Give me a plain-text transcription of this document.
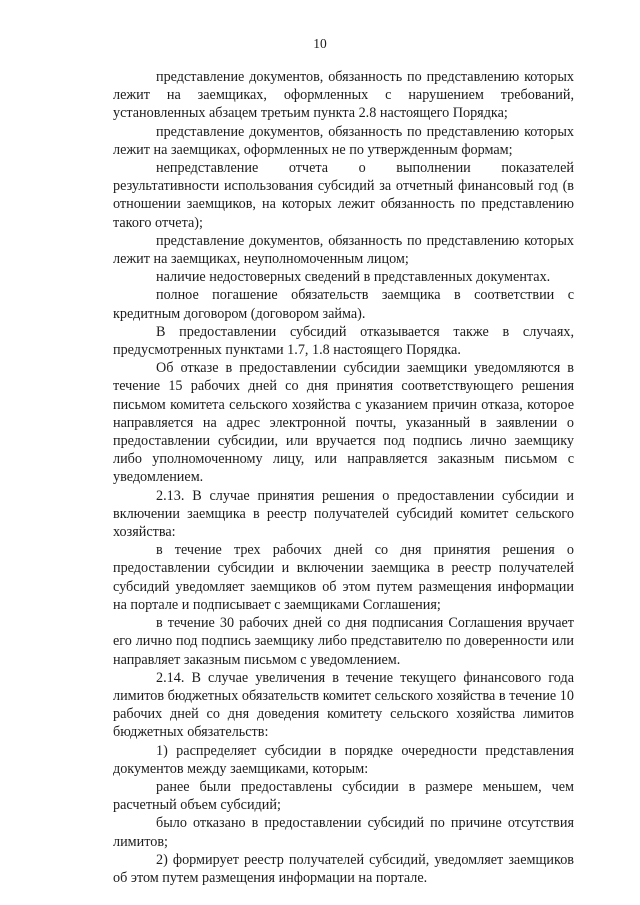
10

представление документов, обязанность по представлению которых лежит на заемщиках, оформленных с нарушением требований, установленных абзацем третьим пункта 2.8 настоящего Порядка;

представление документов, обязанность по представлению которых лежит на заемщиках, оформленных не по утвержденным формам;

непредставление отчета о выполнении показателей результативности использования субсидий за отчетный финансовый год (в отношении заемщиков, на которых лежит обязанность по представлению такого отчета);

представление документов, обязанность по представлению которых лежит на заемщиках, неуполномоченным лицом;

наличие недостоверных сведений в представленных документах.

полное погашение обязательств заемщика в соответствии с кредитным договором (договором займа).

В предоставлении субсидий отказывается также в случаях, предусмотренных пунктами 1.7, 1.8 настоящего Порядка.

Об отказе в предоставлении субсидии заемщики уведомляются в течение 15 рабочих дней со дня принятия соответствующего решения письмом комитета сельского хозяйства с указанием причин отказа, которое направляется на адрес электронной почты, указанный в заявлении о предоставлении субсидии, или вручается под подпись лично заемщику либо уполномоченному лицу, или направляется заказным письмом с уведомлением.

2.13. В случае принятия решения о предоставлении субсидии и включении заемщика в реестр получателей субсидий комитет сельского хозяйства:

в течение трех рабочих дней со дня принятия решения о предоставлении субсидии и включении заемщика в реестр получателей субсидий уведомляет заемщиков об этом путем размещения информации на портале и подписывает с заемщиками Соглашения;

в течение 30 рабочих дней со дня подписания Соглашения вручает его лично под подпись заемщику либо представителю по доверенности или направляет заказным письмом с уведомлением.

2.14. В случае увеличения в течение текущего финансового года лимитов бюджетных обязательств комитет сельского хозяйства в течение 10 рабочих дней со дня доведения комитету сельского хозяйства лимитов бюджетных обязательств:

1) распределяет субсидии в порядке очередности представления документов между заемщиками, которым:

ранее были предоставлены субсидии в размере меньшем, чем расчетный объем субсидий;

было отказано в предоставлении субсидий по причине отсутствия лимитов;

2) формирует реестр получателей субсидий, уведомляет заемщиков об этом путем размещения информации на портале.
